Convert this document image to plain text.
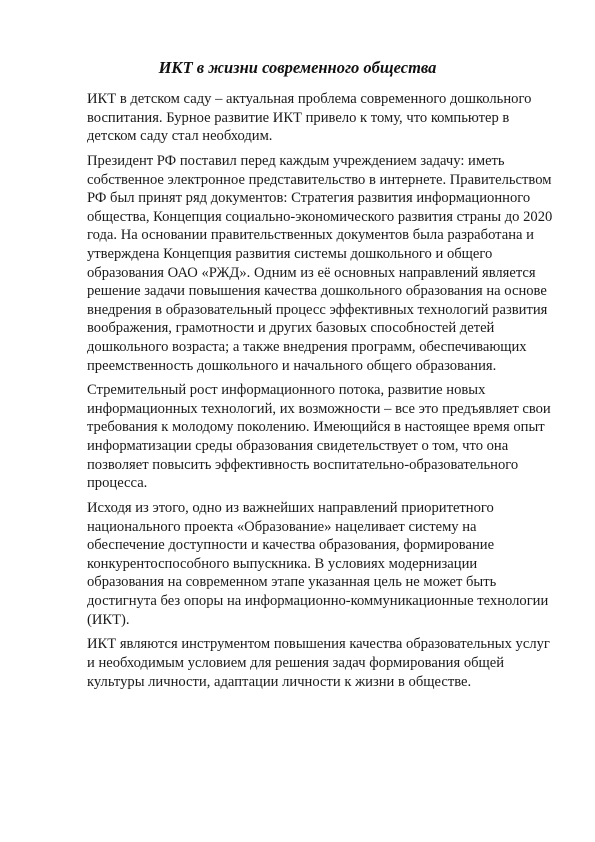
ИКТ в жизни современного общества

ИКТ в детском саду – актуальная проблема современного дошкольного воспитания. Бурное развитие ИКТ привело к тому, что компьютер в детском саду стал необходим.

Президент РФ поставил перед каждым учреждением задачу: иметь собственное электронное представительство в интернете. Правительством РФ был принят ряд документов: Стратегия развития информационного общества, Концепция социально-экономического развития страны до 2020 года. На основании правительственных документов была разработана и утверждена Концепция развития системы дошкольного и общего образования ОАО «РЖД». Одним из её основных направлений является решение задачи повышения качества дошкольного образования на основе внедрения в образовательный процесс эффективных технологий развития воображения, грамотности и других базовых способностей детей дошкольного возраста; а также внедрения программ, обеспечивающих преемственность дошкольного и начального общего образования.

Стремительный рост информационного потока, развитие новых информационных технологий, их возможности – все это предъявляет свои требования к молодому поколению. Имеющийся в настоящее время опыт информатизации среды образования свидетельствует о том, что она позволяет повысить эффективность воспитательно-образовательного процесса.

Исходя из этого, одно из важнейших направлений приоритетного национального проекта «Образование» нацеливает систему на обеспечение доступности и качества образования, формирование конкурентоспособного выпускника. В условиях модернизации образования на современном этапе указанная цель не может быть достигнута без опоры на информационно-коммуникационные технологии (ИКТ).

ИКТ являются инструментом повышения качества образовательных услуг и необходимым условием для решения задач формирования общей культуры личности, адаптации личности к жизни в обществе.
